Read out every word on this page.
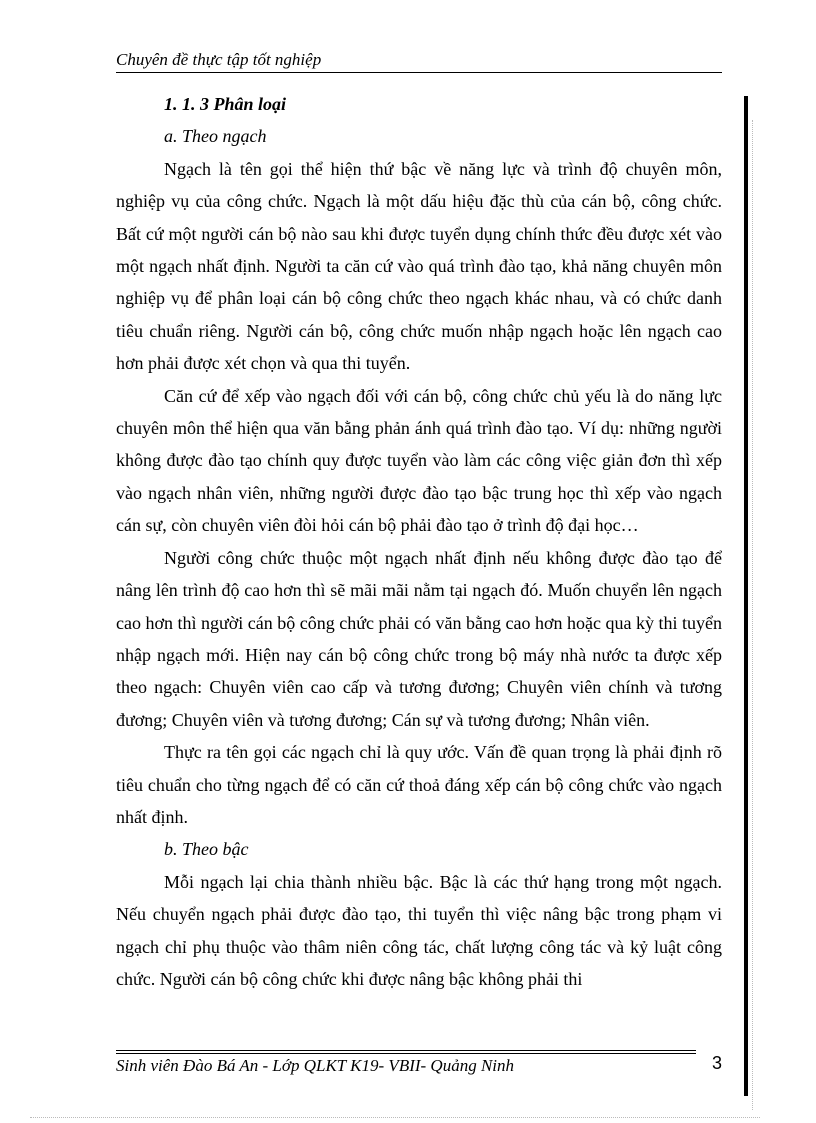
Chuyên đề thực tập tốt nghiệp

1. 1. 3 Phân loại

a. Theo ngạch

Ngạch là tên gọi thể hiện thứ bậc về năng lực và trình độ chuyên môn, nghiệp vụ của công chức. Ngạch là một dấu hiệu đặc thù của cán bộ, công chức. Bất cứ một người cán bộ nào sau khi được tuyển dụng chính thức đều được xét vào một ngạch nhất định. Người ta căn cứ vào quá trình đào tạo, khả năng chuyên môn nghiệp vụ để phân loại cán bộ công chức theo ngạch khác nhau, và có chức danh tiêu chuẩn riêng. Người cán bộ, công chức muốn nhập ngạch hoặc lên ngạch cao hơn phải được xét chọn và qua thi tuyển.

Căn cứ để xếp vào ngạch đối với cán bộ, công chức chủ yếu là do năng lực chuyên môn thể hiện qua văn bằng phản ánh quá trình đào tạo. Ví dụ: những người không được đào tạo chính quy được tuyển vào làm các công việc giản đơn thì xếp vào ngạch nhân viên, những người được đào tạo bậc trung học thì xếp vào ngạch cán sự, còn chuyên viên đòi hỏi cán bộ phải đào tạo ở trình độ đại học…

Người công chức thuộc một ngạch nhất định nếu không được đào tạo để nâng lên trình độ cao hơn thì sẽ mãi mãi nằm tại ngạch đó. Muốn chuyển lên ngạch cao hơn thì người cán bộ công chức phải có văn bằng cao hơn hoặc qua kỳ thi tuyển nhập ngạch mới. Hiện nay cán bộ công chức trong bộ máy nhà nước ta được xếp theo ngạch: Chuyên viên cao cấp và tương đương; Chuyên viên chính và tương đương; Chuyên viên và tương đương; Cán sự và tương đương; Nhân viên.

Thực ra tên gọi các ngạch chỉ là quy ước. Vấn đề quan trọng là phải định rõ tiêu chuẩn cho từng ngạch để có căn cứ thoả đáng xếp cán bộ công chức vào ngạch nhất định.

b. Theo bậc

Mỗi ngạch lại chia thành nhiều bậc. Bậc là các thứ hạng trong một ngạch. Nếu chuyển ngạch phải được đào tạo, thi tuyển thì việc nâng bậc trong phạm vi ngạch chỉ phụ thuộc vào thâm niên công tác, chất lượng công tác và kỷ luật công chức. Người cán bộ công chức khi được nâng bậc không phải thi

Sinh viên Đào Bá An - Lớp QLKT K19- VBII- Quảng Ninh	3
